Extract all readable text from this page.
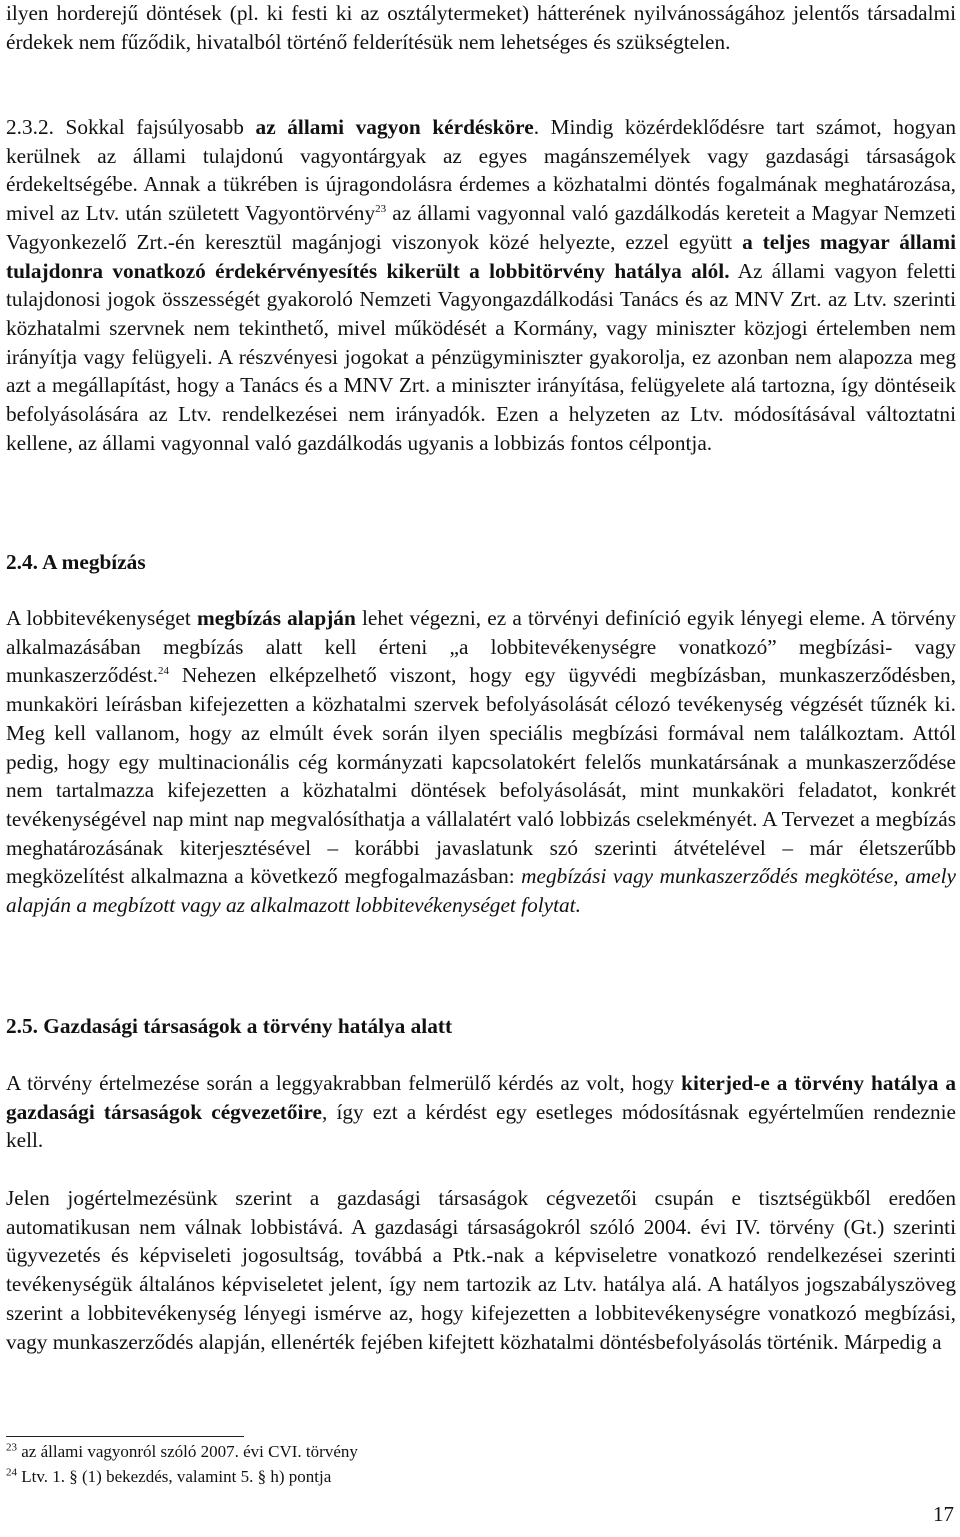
ilyen horderejű döntések (pl. ki festi ki az osztálytermeket) hátterének nyilvánosságához jelentős társadalmi érdekek nem fűződik, hivatalból történő felderítésük nem lehetséges és szükségtelen.

2.3.2. Sokkal fajsúlyosabb az állami vagyon kérdésköre. Mindig közérdeklődésre tart számot, hogyan kerülnek az állami tulajdonú vagyontárgyak az egyes magánszemélyek vagy gazdasági társaságok érdekeltségébe. Annak a tükrében is újragondolásra érdemes a közhatalmi döntés fogalmának meghatározása, mivel az Ltv. után született Vagyontörvény$^{23}$ az állami vagyonnal való gazdálkodás kereteit a Magyar Nemzeti Vagyonkezelő Zrt.-én keresztül magánjogi viszonyok közé helyezte, ezzel együtt a teljes magyar állami tulajdonra vonatkozó érdekérvényesítés kikerült a lobbitörvény hatálya alól. Az állami vagyon feletti tulajdonosi jogok összességét gyakoroló Nemzeti Vagyongazdálkodási Tanács és az MNV Zrt. az Ltv. szerinti közhatalmi szervnek nem tekinthető, mivel működését a Kormány, vagy miniszter közjogi értelemben nem irányítja vagy felügyeli. A részvényesi jogokat a pénzügyminiszter gyakorolja, ez azonban nem alapozza meg azt a megállapítást, hogy a Tanács és a MNV Zrt. a miniszter irányítása, felügyelete alá tartozna, így döntéseik befolyásolására az Ltv. rendelkezései nem irányadók. Ezen a helyzeten az Ltv. módosításával változtatni kellene, az állami vagyonnal való gazdálkodás ugyanis a lobbizás fontos célpontja.

2.4. A megbízás

A lobbitevékenységet megbízás alapján lehet végezni, ez a törvényi definíció egyik lényegi eleme. A törvény alkalmazásában megbízás alatt kell érteni „a lobbitevékenységre vonatkozó” megbízási- vagy munkaszerződést.$^{24}$ Nehezen elképzelhető viszont, hogy egy ügyvédi megbízásban, munkaszerződésben, munkaköri leírásban kifejezetten a közhatalmi szervek befolyásolását célozó tevékenység végzését tűznék ki. Meg kell vallanom, hogy az elmúlt évek során ilyen speciális megbízási formával nem találkoztam. Attól pedig, hogy egy multinacionális cég kormányzati kapcsolatokért felelős munkatársának a munkaszerződése nem tartalmazza kifejezetten a közhatalmi döntések befolyásolását, mint munkaköri feladatot, konkrét tevékenységével nap mint nap megvalósíthatja a vállalatért való lobbizás cselekményét. A Tervezet a megbízás meghatározásának kiterjesztésével – korábbi javaslatunk szó szerinti átvételével – már életszerűbb megközelítést alkalmazna a következő megfogalmazásban: megbízási vagy munkaszerződés megkötése, amely alapján a megbízott vagy az alkalmazott lobbitevékenységet folytat.

2.5. Gazdasági társaságok a törvény hatálya alatt

A törvény értelmezése során a leggyakrabban felmerülő kérdés az volt, hogy kiterjed-e a törvény hatálya a gazdasági társaságok cégvezetőire, így ezt a kérdést egy esetleges módosításnak egyértelműen rendeznie kell.

Jelen jogértelmezésünk szerint a gazdasági társaságok cégvezetői csupán e tisztségükből eredően automatikusan nem válnak lobbistává. A gazdasági társaságokról szóló 2004. évi IV. törvény (Gt.) szerinti ügyvezetés és képviseleti jogosultság, továbbá a Ptk.-nak a képviseletre vonatkozó rendelkezései szerinti tevékenységük általános képviseletet jelent, így nem tartozik az Ltv. hatálya alá. A hatályos jogszabályszöveg szerint a lobbitevékenység lényegi ismérve az, hogy kifejezetten a lobbitevékenységre vonatkozó megbízási, vagy munkaszerződés alapján, ellenérték fejében kifejtett közhatalmi döntésbefolyásolás történik. Márpedig a

$^{23}$ az állami vagyonról szóló 2007. évi CVI. törvény
$^{24}$ Ltv. 1. § (1) bekezdés, valamint 5. § h) pontja
17
